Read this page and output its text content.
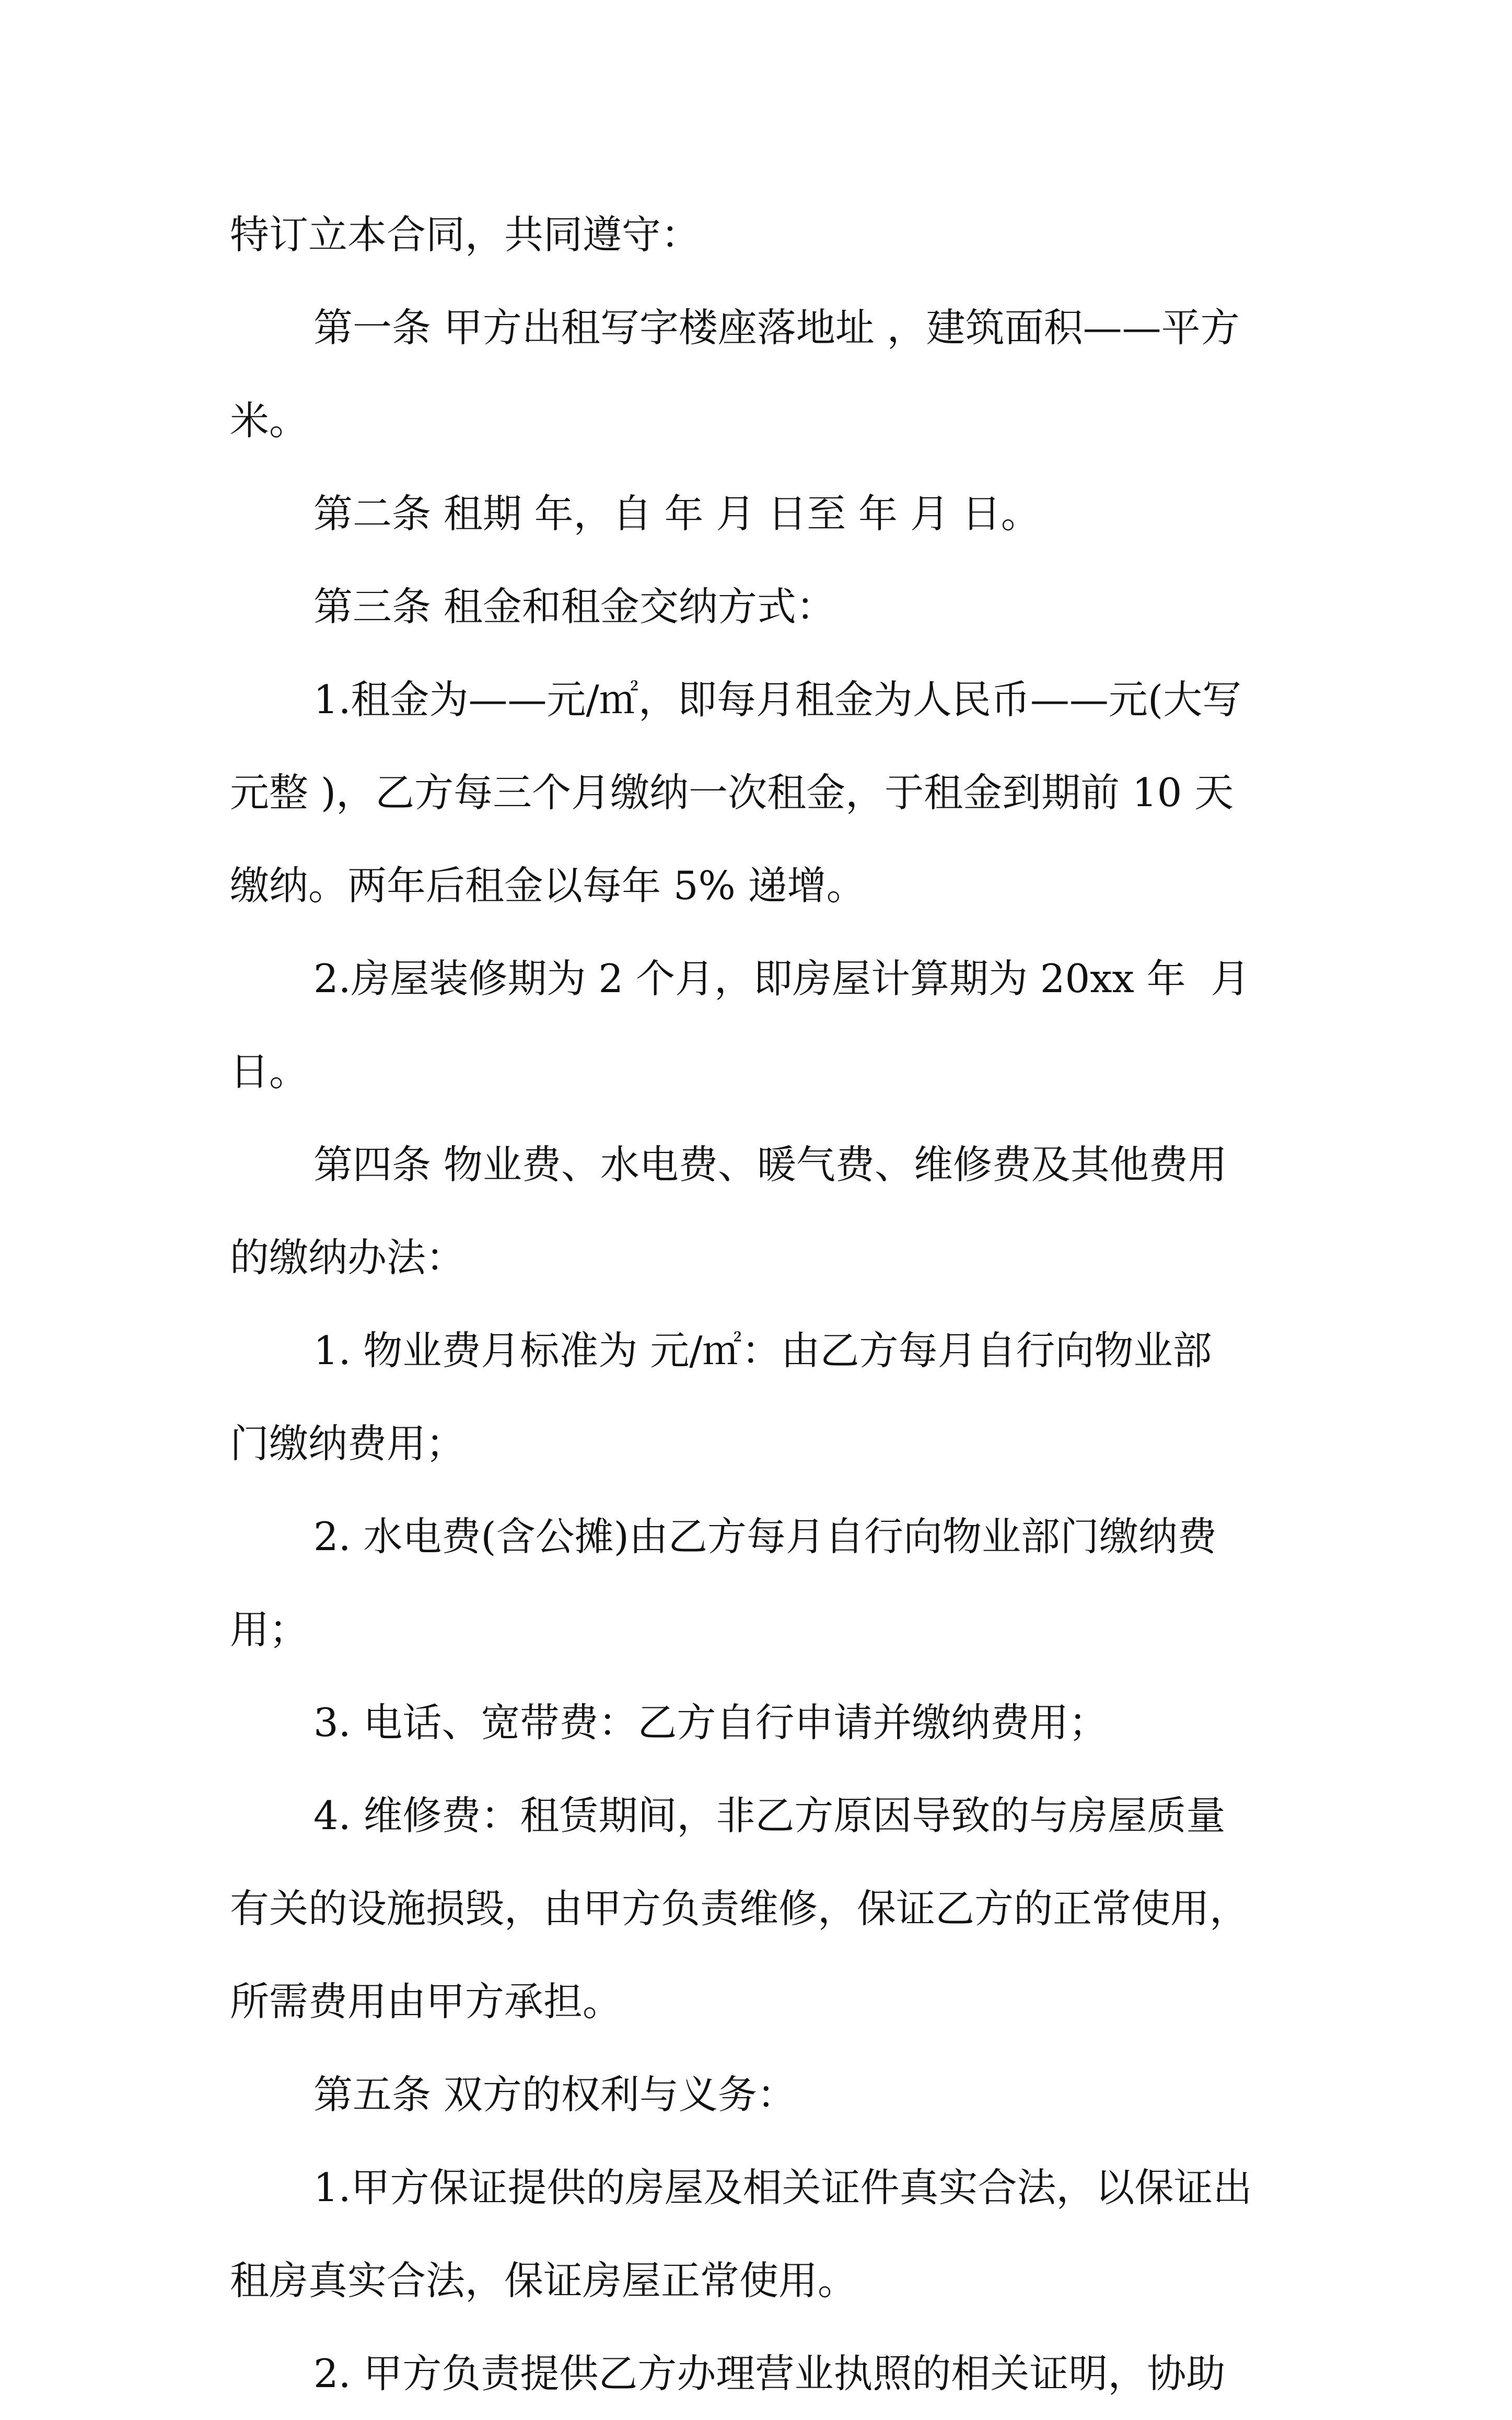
特订立本合同，共同遵守：
第一条 甲方出租写字楼座落地址 ，建筑面积——平方
米。
第二条 租期 年，自 年 月 日至 年 月 日。
第三条 租金和租金交纳方式：
1.租金为——元/㎡，即每月租金为人民币——元(大写
元整 )，乙方每三个月缴纳一次租金，于租金到期前 10 天
缴纳。两年后租金以每年 5% 递增。
2.房屋装修期为 2 个月，即房屋计算期为 20xx 年  月
日。
第四条 物业费、水电费、暖气费、维修费及其他费用
的缴纳办法：
1. 物业费月标准为 元/㎡：由乙方每月自行向物业部
门缴纳费用；
2. 水电费(含公摊)由乙方每月自行向物业部门缴纳费
用；
3. 电话、宽带费：乙方自行申请并缴纳费用；
4. 维修费：租赁期间，非乙方原因导致的与房屋质量
有关的设施损毁，由甲方负责维修，保证乙方的正常使用，
所需费用由甲方承担。
第五条 双方的权利与义务：
1.甲方保证提供的房屋及相关证件真实合法，以保证出
租房真实合法，保证房屋正常使用。
2. 甲方负责提供乙方办理营业执照的相关证明，协助
